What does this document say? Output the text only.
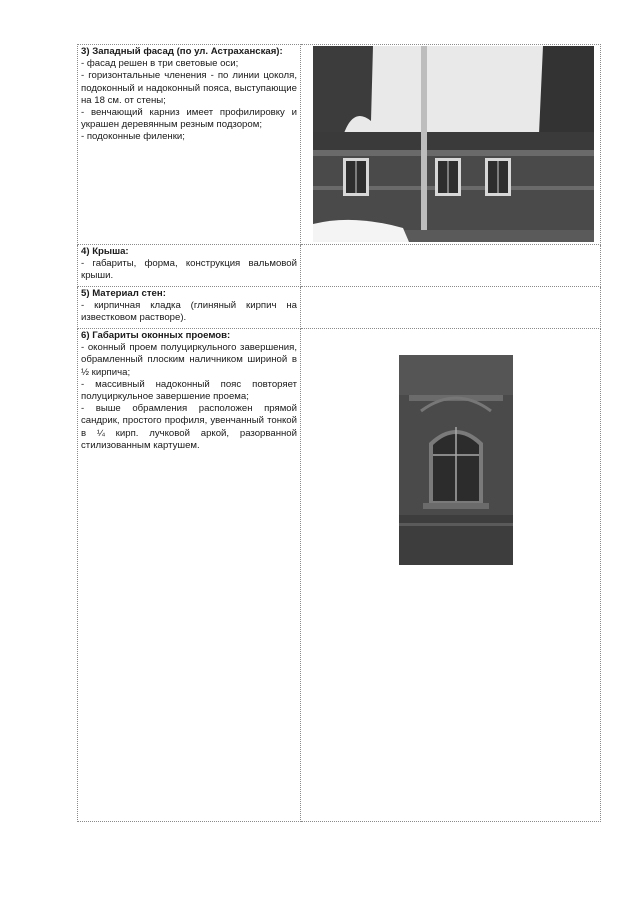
3) Западный фасад (по ул. Астраханская):
- фасад решен в три световые оси;
- горизонтальные членения - по линии цоколя, подоконный и надоконный пояса, выступающие на 18 см. от стены;
- венчающий карниз имеет профилировку и украшен деревянным резным подзором;
- подоконные филенки;

4) Крыша:
- габариты, форма, конструкция вальмовой крыши.	

5) Материал стен:
- кирпичная кладка (глиняный кирпич на известковом растворе).	

6) Габариты оконных проемов:
- оконный проем полуциркульного завершения, обрамленный плоским наличником шириной в ½ кирпича;
- массивный надоконный пояс повторяет полуциркульное завершение проема;
- выше обрамления расположен прямой сандрик, простого профиля, увенчанный тонкой в ¼ кирп. лучковой аркой, разорванной стилизованным картушем.
